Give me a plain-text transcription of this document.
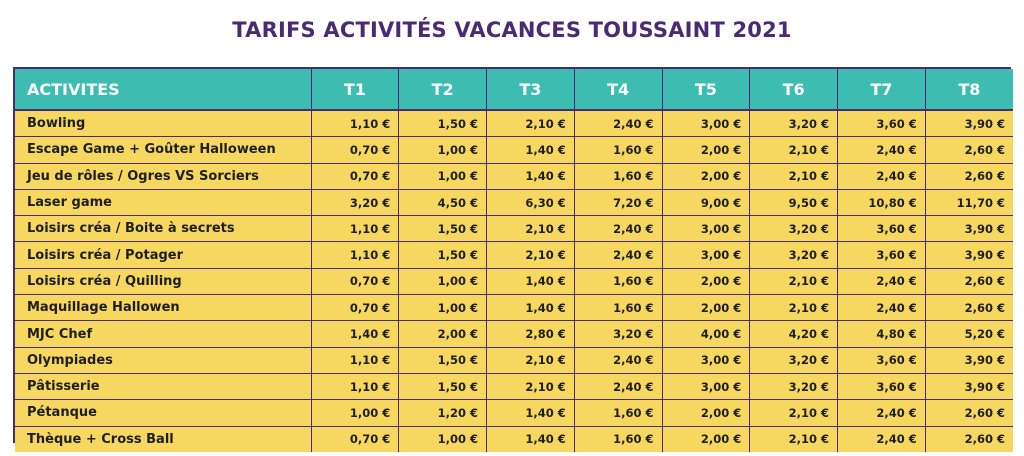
TARIFS ACTIVITÉS VACANCES TOUSSAINT 2021
ACTIVITES	T1	T2	T3	T4	T5	T6	T7	T8
Bowling	1,10 €	1,50 €	2,10 €	2,40 €	3,00 €	3,20 €	3,60 €	3,90 €
Escape Game + Goûter Halloween	0,70 €	1,00 €	1,40 €	1,60 €	2,00 €	2,10 €	2,40 €	2,60 €
Jeu de rôles / Ogres VS Sorciers	0,70 €	1,00 €	1,40 €	1,60 €	2,00 €	2,10 €	2,40 €	2,60 €
Laser game	3,20 €	4,50 €	6,30 €	7,20 €	9,00 €	9,50 €	10,80 €	11,70 €
Loisirs créa / Boite à secrets	1,10 €	1,50 €	2,10 €	2,40 €	3,00 €	3,20 €	3,60 €	3,90 €
Loisirs créa / Potager	1,10 €	1,50 €	2,10 €	2,40 €	3,00 €	3,20 €	3,60 €	3,90 €
Loisirs créa / Quilling	0,70 €	1,00 €	1,40 €	1,60 €	2,00 €	2,10 €	2,40 €	2,60 €
Maquillage Hallowen	0,70 €	1,00 €	1,40 €	1,60 €	2,00 €	2,10 €	2,40 €	2,60 €
MJC Chef	1,40 €	2,00 €	2,80 €	3,20 €	4,00 €	4,20 €	4,80 €	5,20 €
Olympiades	1,10 €	1,50 €	2,10 €	2,40 €	3,00 €	3,20 €	3,60 €	3,90 €
Pâtisserie	1,10 €	1,50 €	2,10 €	2,40 €	3,00 €	3,20 €	3,60 €	3,90 €
Pétanque	1,00 €	1,20 €	1,40 €	1,60 €	2,00 €	2,10 €	2,40 €	2,60 €
Thèque + Cross Ball	0,70 €	1,00 €	1,40 €	1,60 €	2,00 €	2,10 €	2,40 €	2,60 €
